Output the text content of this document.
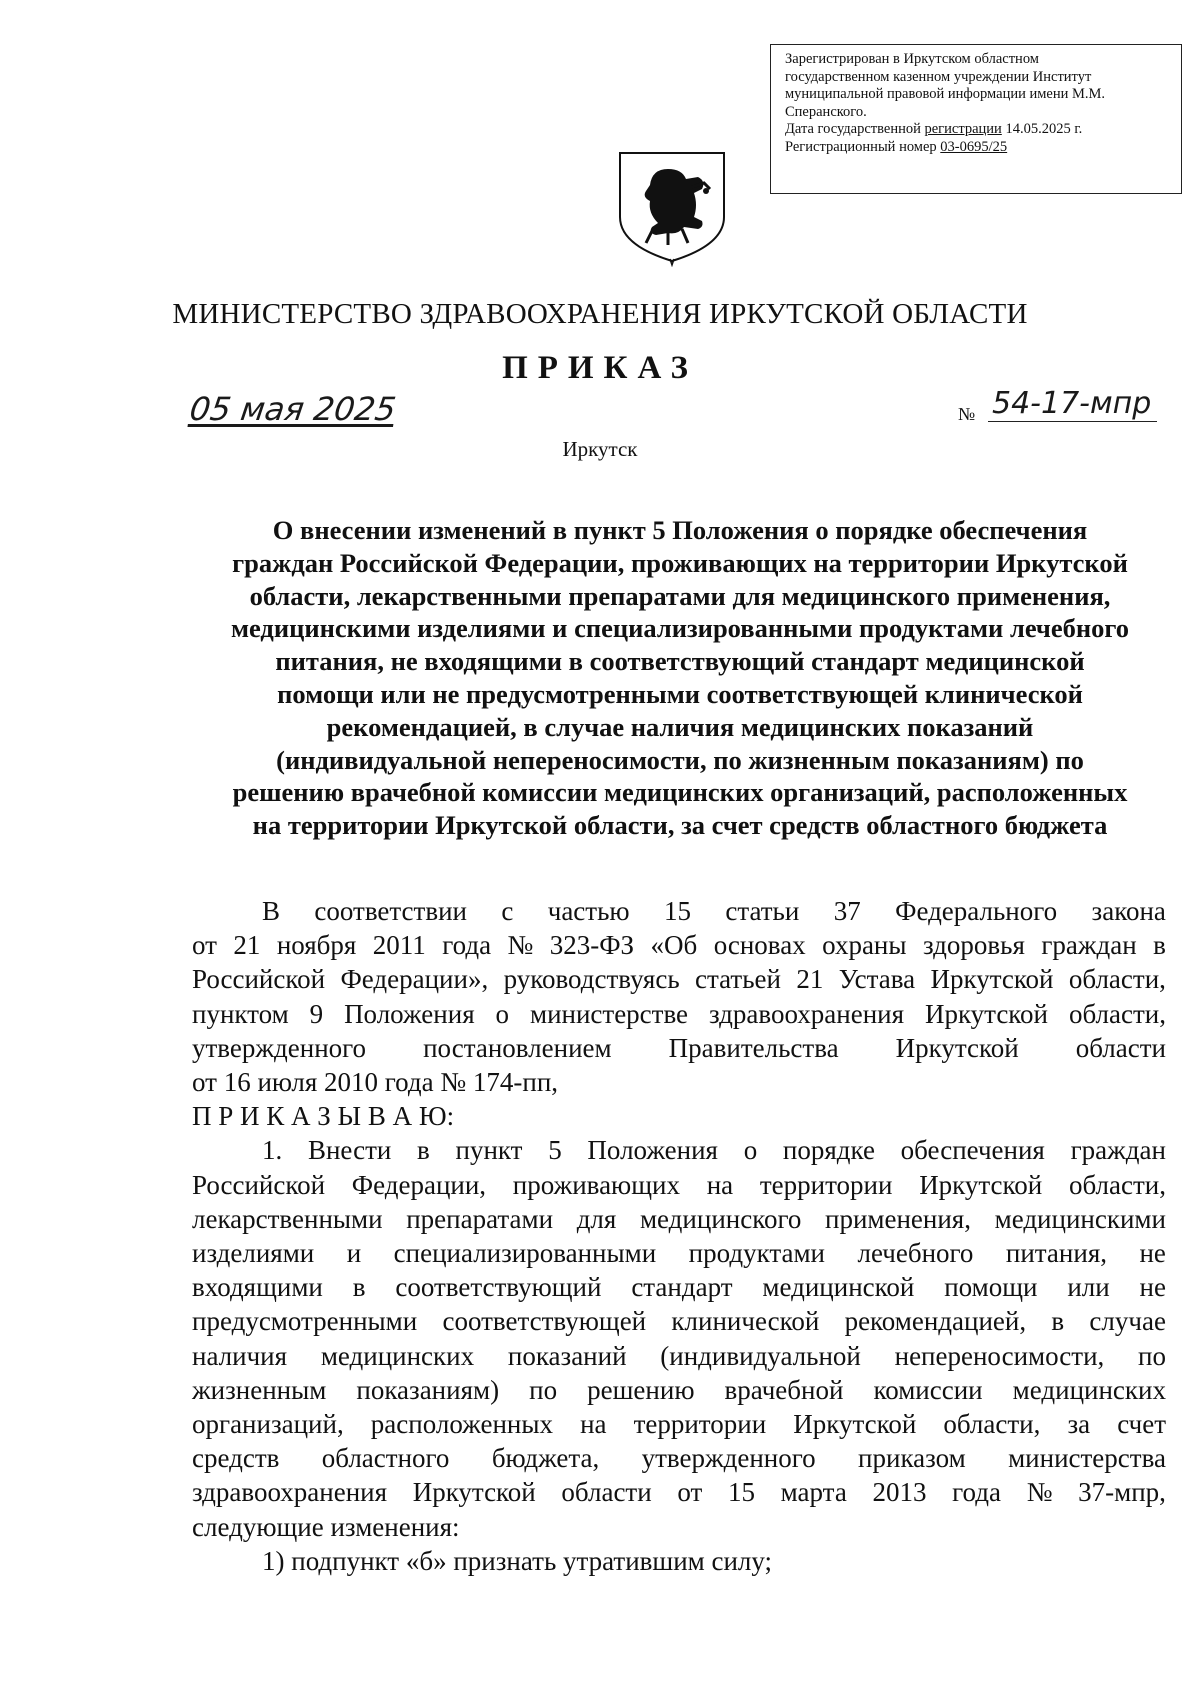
Зарегистрирован в Иркутском областном
государственном казенном учреждении Институт
муниципальной правовой информации имени М.М.
Сперанского.
Дата государственной регистрации 14.05.2025 г.
Регистрационный номер 03-0695/25
МИНИСТЕРСТВО ЗДРАВООХРАНЕНИЯ ИРКУТСКОЙ ОБЛАСТИ
ПРИКАЗ
05 мая 2025	№ 54-17-мпр
Иркутск
О внесении изменений в пункт 5 Положения о порядке обеспечения
граждан Российской Федерации, проживающих на территории Иркутской
области, лекарственными препаратами для медицинского применения,
медицинскими изделиями и специализированными продуктами лечебного
питания, не входящими в соответствующий стандарт медицинской
помощи или не предусмотренными соответствующей клинической
рекомендацией, в случае наличия медицинских показаний
(индивидуальной непереносимости, по жизненным показаниям) по
решению врачебной комиссии медицинских организаций, расположенных
на территории Иркутской области, за счет средств областного бюджета
В соответствии с частью 15 статьи 37 Федерального закона
от 21 ноября 2011 года № 323-ФЗ «Об основах охраны здоровья граждан в
Российской Федерации», руководствуясь статьей 21 Устава Иркутской области,
пунктом 9 Положения о министерстве здравоохранения Иркутской области,
утвержденного постановлением Правительства Иркутской области
от 16 июля 2010 года № 174-пп,
П Р И К А З Ы В А Ю:
1. Внести в пункт 5 Положения о порядке обеспечения граждан
Российской Федерации, проживающих на территории Иркутской области,
лекарственными препаратами для медицинского применения, медицинскими
изделиями и специализированными продуктами лечебного питания, не
входящими в соответствующий стандарт медицинской помощи или не
предусмотренными соответствующей клинической рекомендацией, в случае
наличия медицинских показаний (индивидуальной непереносимости, по
жизненным показаниям) по решению врачебной комиссии медицинских
организаций, расположенных на территории Иркутской области, за счет
средств областного бюджета, утвержденного приказом министерства
здравоохранения Иркутской области от 15 марта 2013 года № 37-мпр,
следующие изменения:
1) подпункт «б» признать утратившим силу;
